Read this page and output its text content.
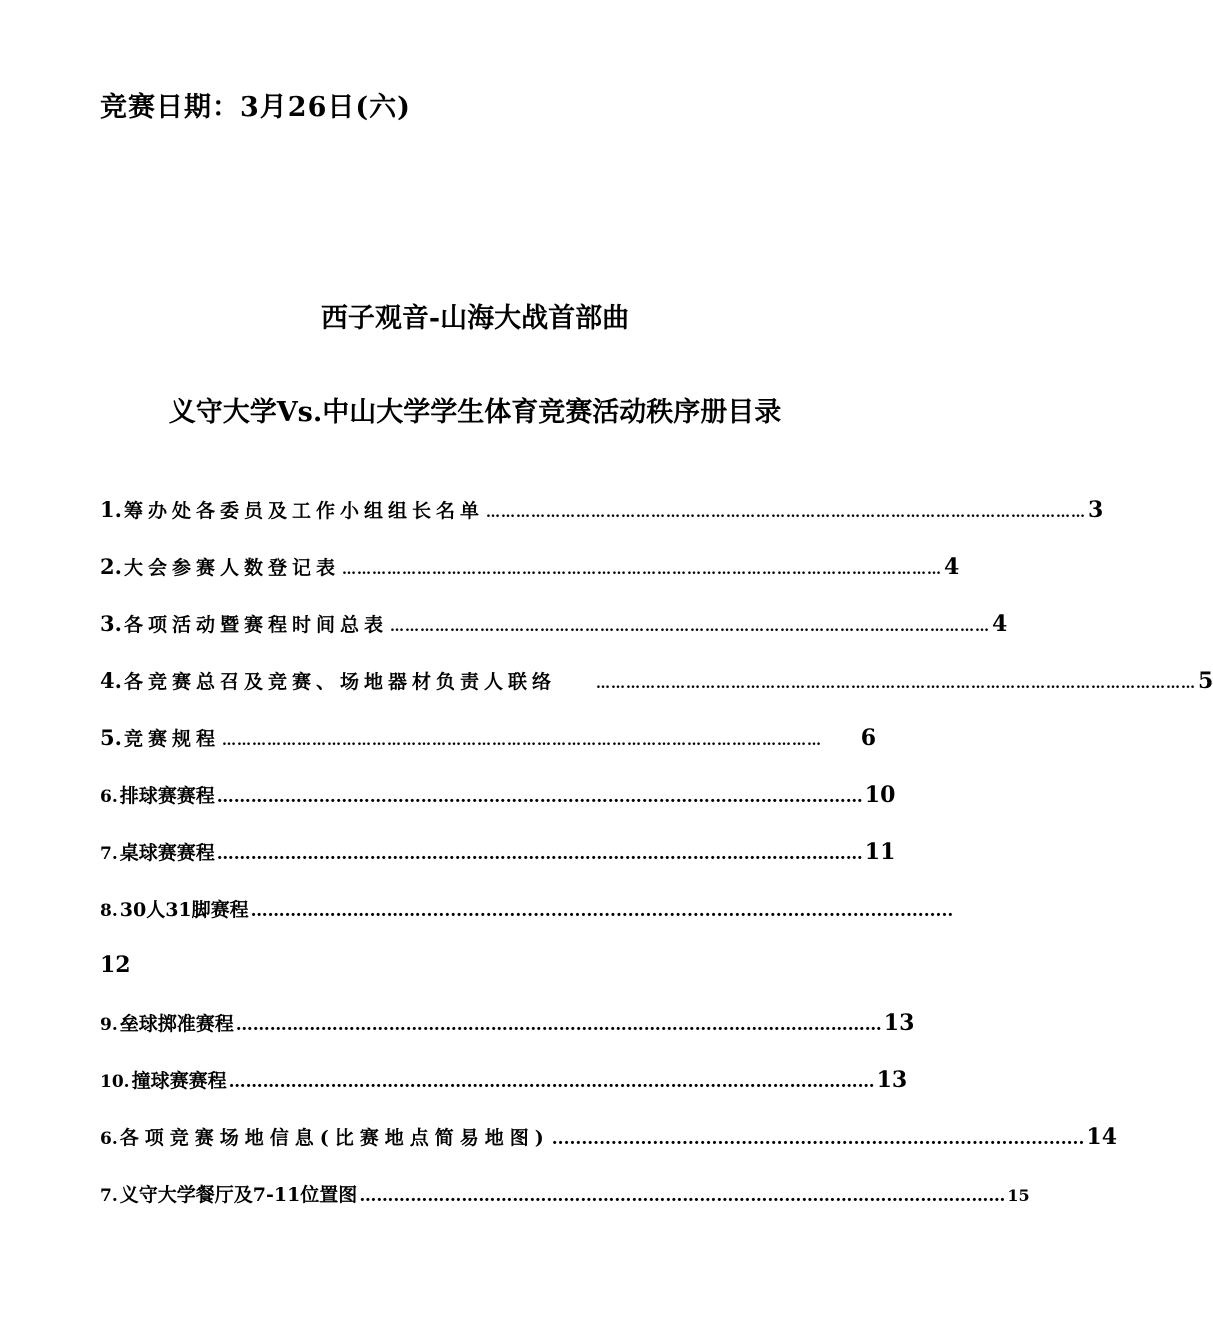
竞赛日期：3月26日(六)
西子观音-山海大战首部曲
义守大学Vs.中山大学学生体育竞赛活动秩序册目录
1. 筹办处各委员及工作小组组长名单 ………………………………………………………………………………………………………… 3
2. 大会参赛人数登记表 ………………………………………………………………………………………………………… 4
3. 各项活动暨赛程时间总表 ………………………………………………………………………………………………………… 4
4. 各竞赛总召及竞赛、场地器材负责人联络	………………………………………………………………………………………………………… 5
5. 竞赛规程 …………………………………………………………………………………………………………	6
6. 排球赛赛程 …………………………………………………………………………………………………… 10
7. 桌球赛赛程 …………………………………………………………………………………………………… 11
8. 30人31脚赛程 …………………………..........................................................................................
12
9. 垒球掷准赛程 …………………………………………………………………………………………………… 13
10. 撞球赛赛程 …………………………………………………………………………………………………… 13
6. 各项竞赛场地信息(比赛地点简易地图) .......................................................................................... 14
7. 义守大学餐厅及7-11位置图 …………………………………………………………………………………………………… 15
